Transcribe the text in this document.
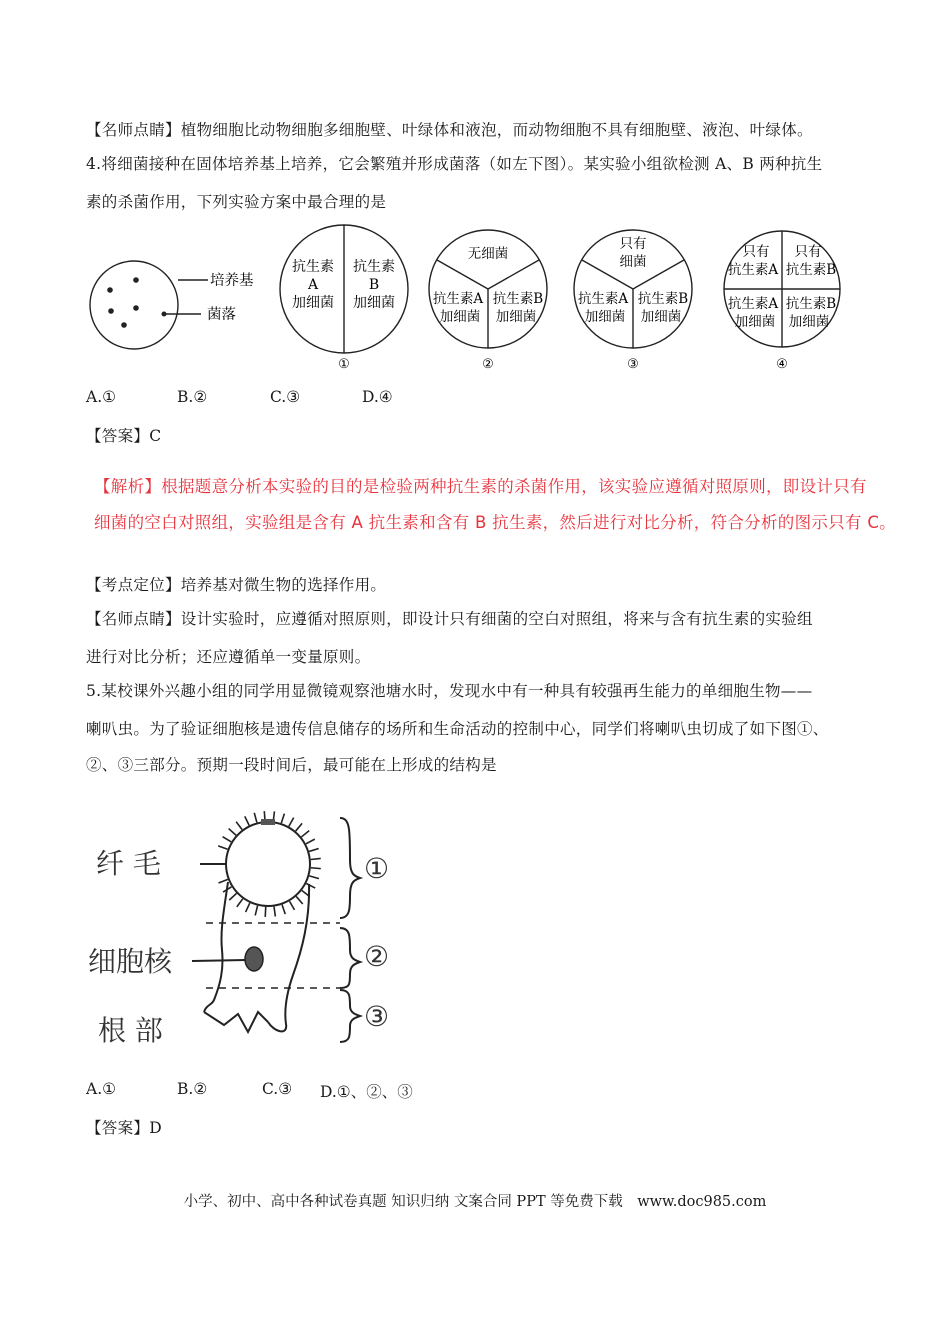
【名师点睛】植物细胞比动物细胞多细胞壁、叶绿体和液泡，而动物细胞不具有细胞壁、液泡、叶绿体。
4.将细菌接种在固体培养基上培养，它会繁殖并形成菌落（如左下图）。某实验小组欲检测 A、B 两种抗生
素的杀菌作用，下列实验方案中最合理的是
培养基
菌落
抗生素
A
加细菌
抗生素
B
加细菌
①
无细菌
抗生素A
加细菌
抗生素B
加细菌
②
只有
细菌
抗生素A
加细菌
抗生素B
加细菌
③
只有
抗生素A
只有
抗生素B
抗生素A
加细菌
抗生素B
加细菌
④
A.①	B.②	C.③	D.④
【答案】C
【解析】根据题意分析本实验的目的是检验两种抗生素的杀菌作用，该实验应遵循对照原则，即设计只有
细菌的空白对照组，实验组是含有 A 抗生素和含有 B 抗生素，然后进行对比分析，符合分析的图示只有 C。
【考点定位】培养基对微生物的选择作用。
【名师点睛】设计实验时，应遵循对照原则，即设计只有细菌的空白对照组，将来与含有抗生素的实验组
进行对比分析；还应遵循单一变量原则。
5.某校课外兴趣小组的同学用显微镜观察池塘水时，发现水中有一种具有较强再生能力的单细胞生物——
喇叭虫。为了验证细胞核是遗传信息储存的场所和生命活动的控制中心，同学们将喇叭虫切成了如下图①、
②、③三部分。预期一段时间后，最可能在上形成的结构是
纤 毛
细胞核
根 部
①
②
③
A.①	B.②	C.③ D.①、②、③
【答案】D
小学、初中、高中各种试卷真题 知识归纳 文案合同 PPT 等免费下载　www.doc985.com
